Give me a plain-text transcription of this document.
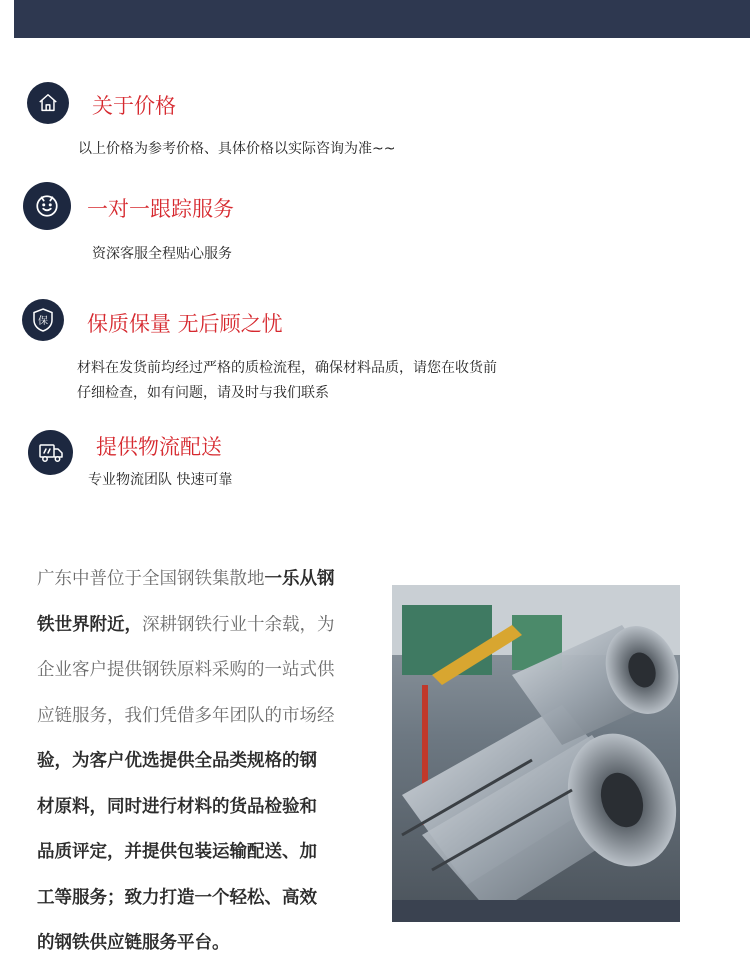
关于价格
以上价格为参考价格、具体价格以实际咨询为准~~
一对一跟踪服务
资深客服全程贴心服务
保 保质保量 无后顾之忧
材料在发货前均经过严格的质检流程，确保材料品质，请您在收货前
仔细检查，如有问题，请及时与我们联系
提供物流配送
专业物流团队 快速可靠

广东中普位于全国钢铁集散地一乐从钢

铁世界附近，深耕钢铁行业十余载，为

企业客户提供钢铁原料采购的一站式供

应链服务，我们凭借多年团队的市场经

验，为客户优选提供全品类规格的钢

材原料，同时进行材料的货品检验和

品质评定，并提供包装运输配送、加

工等服务；致力打造一个轻松、高效

的钢铁供应链服务平台。
